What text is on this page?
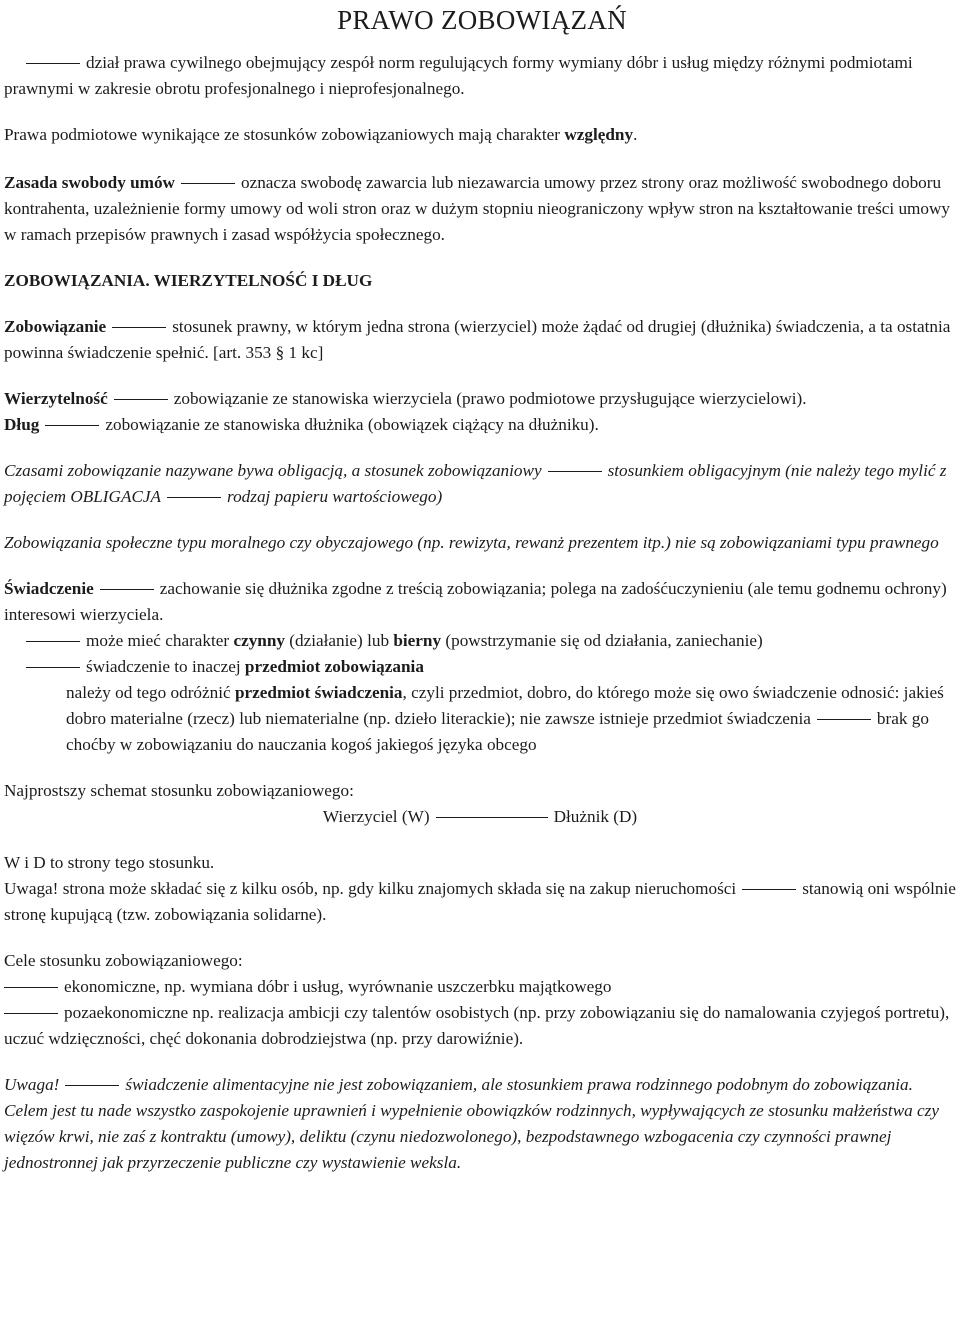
PRAWO ZOBOWIĄZAŃ

dział prawa cywilnego obejmujący zespół norm regulujących formy wymiany dóbr i usług między różnymi podmiotami prawnymi w zakresie obrotu profesjonalnego i nieprofesjonalnego.

Prawa podmiotowe wynikające ze stosunków zobowiązaniowych mają charakter względny.

Zasada swobody umów	oznacza swobodę zawarcia lub niezawarcia umowy przez strony oraz możliwość swobodnego doboru kontrahenta, uzależnienie formy umowy od woli stron oraz w dużym stopniu nieograniczony wpływ stron na kształtowanie treści umowy w ramach przepisów prawnych i zasad współżycia społecznego.

ZOBOWIĄZANIA. WIERZYTELNOŚĆ I DŁUG

Zobowiązanie	stosunek prawny, w którym jedna strona (wierzyciel) może żądać od drugiej (dłużnika) świadczenia, a ta ostatnia powinna świadczenie spełnić. [art. 353 § 1 kc]

Wierzytelność	zobowiązanie ze stanowiska wierzyciela (prawo podmiotowe przysługujące wierzycielowi).

Dług	zobowiązanie ze stanowiska dłużnika (obowiązek ciążący na dłużniku).

Czasami zobowiązanie nazywane bywa obligacją, a stosunek zobowiązaniowy	stosunkiem obligacyjnym (nie należy tego mylić z pojęciem OBLIGACJA	rodzaj papieru wartościowego)

Zobowiązania społeczne typu moralnego czy obyczajowego (np. rewizyta, rewanż prezentem itp.) nie są zobowiązaniami typu prawnego

Świadczenie	zachowanie się dłużnika zgodne z treścią zobowiązania; polega na zadośćuczynieniu (ale temu godnemu ochrony) interesowi wierzyciela.

może mieć charakter czynny (działanie) lub bierny (powstrzymanie się od działania, zaniechanie)

świadczenie to inaczej przedmiot zobowiązania

należy od tego odróżnić przedmiot świadczenia, czyli przedmiot, dobro, do którego może się owo świadczenie odnosić: jakieś dobro materialne (rzecz) lub niematerialne (np. dzieło literackie); nie zawsze istnieje przedmiot świadczenia	brak go choćby w zobowiązaniu do nauczania kogoś jakiegoś języka obcego

Najprostszy schemat stosunku zobowiązaniowego:

Wierzyciel (W)	Dłużnik (D)

W i D to strony tego stosunku.

Uwaga! strona może składać się z kilku osób, np. gdy kilku znajomych składa się na zakup nieruchomości	stanowią oni wspólnie stronę kupującą (tzw. zobowiązania solidarne).

Cele stosunku zobowiązaniowego:

ekonomiczne, np. wymiana dóbr i usług, wyrównanie uszczerbku majątkowego

pozaekonomiczne np. realizacja ambicji czy talentów osobistych (np. przy zobowiązaniu się do namalowania czyjegoś portretu), uczuć wdzięczności, chęć dokonania dobrodziejstwa (np. przy darowiźnie).

Uwaga!	świadczenie alimentacyjne nie jest zobowiązaniem, ale stosunkiem prawa rodzinnego podobnym do zobowiązania. Celem jest tu nade wszystko zaspokojenie uprawnień i wypełnienie obowiązków rodzinnych, wypływających ze stosunku małżeństwa czy więzów krwi, nie zaś z kontraktu (umowy), deliktu (czynu niedozwolonego), bezpodstawnego wzbogacenia czy czynności prawnej jednostronnej jak przyrzeczenie publiczne czy wystawienie weksla.
